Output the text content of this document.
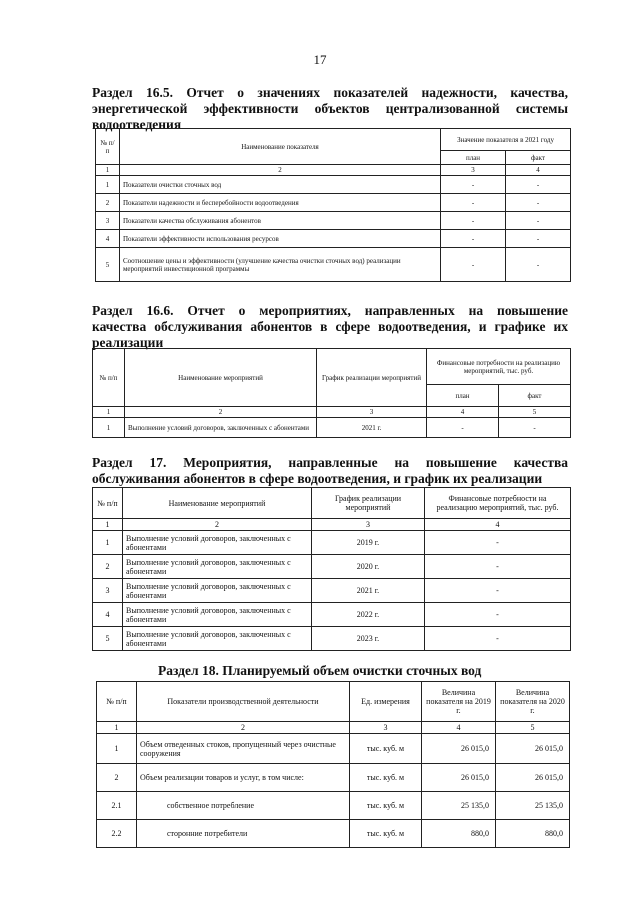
17
Раздел 16.5. Отчет о значениях показателей надежности, качества,
энергетической эффективности объектов централизованной системы
водоотведения
№ п/п	Наименование показателя	Значение показателя в 2021 году	
		план	факт
1	2	3	4
1	Показатели очистки сточных вод	-	-
2	Показатели надежности и бесперебойности водоотведения	-	-
3	Показатели качества обслуживания абонентов	-	-
4	Показатели эффективности использования ресурсов	-	-
5	Соотношение цены и эффективности (улучшение качества очистки сточных вод) реализации мероприятий инвестиционной программы	-	-
Раздел 16.6. Отчет о мероприятиях, направленных на повышение
качества обслуживания абонентов в сфере водоотведения, и графике их
реализации
№ п/п	Наименование мероприятий	График реализации мероприятий	Финансовые потребности на реализацию мероприятий, тыс. руб.	
			план	факт
1	2	3	4	5
1	Выполнение условий договоров, заключенных с абонентами	2021 г.	-	-
Раздел 17. Мероприятия, направленные на повышение качества
обслуживания абонентов в сфере водоотведения, и график их реализации
№ п/п	Наименование мероприятий	График реализации мероприятий	Финансовые потребности на реализацию мероприятий, тыс. руб.
1	2	3	4
1	Выполнение условий договоров, заключенных с абонентами	2019 г.	-
2	Выполнение условий договоров, заключенных с абонентами	2020 г.	-
3	Выполнение условий договоров, заключенных с абонентами	2021 г.	-
4	Выполнение условий договоров, заключенных с абонентами	2022 г.	-
5	Выполнение условий договоров, заключенных с абонентами	2023 г.	-
Раздел 18. Планируемый объем очистки сточных вод
№ п/п	Показатели производственной деятельности	Ед. измерения	Величина показателя на 2019 г.	Величина показателя на 2020 г.
1	2	3	4	5
1	Объем отведенных стоков, пропущенный через очистные сооружения	тыс. куб. м	26 015,0	26 015,0
2	Объем реализации товаров и услуг, в том числе:	тыс. куб. м	26 015,0	26 015,0
2.1	собственное потребление	тыс. куб. м	25 135,0	25 135,0
2.2	сторонние потребители	тыс. куб. м	880,0	880,0
